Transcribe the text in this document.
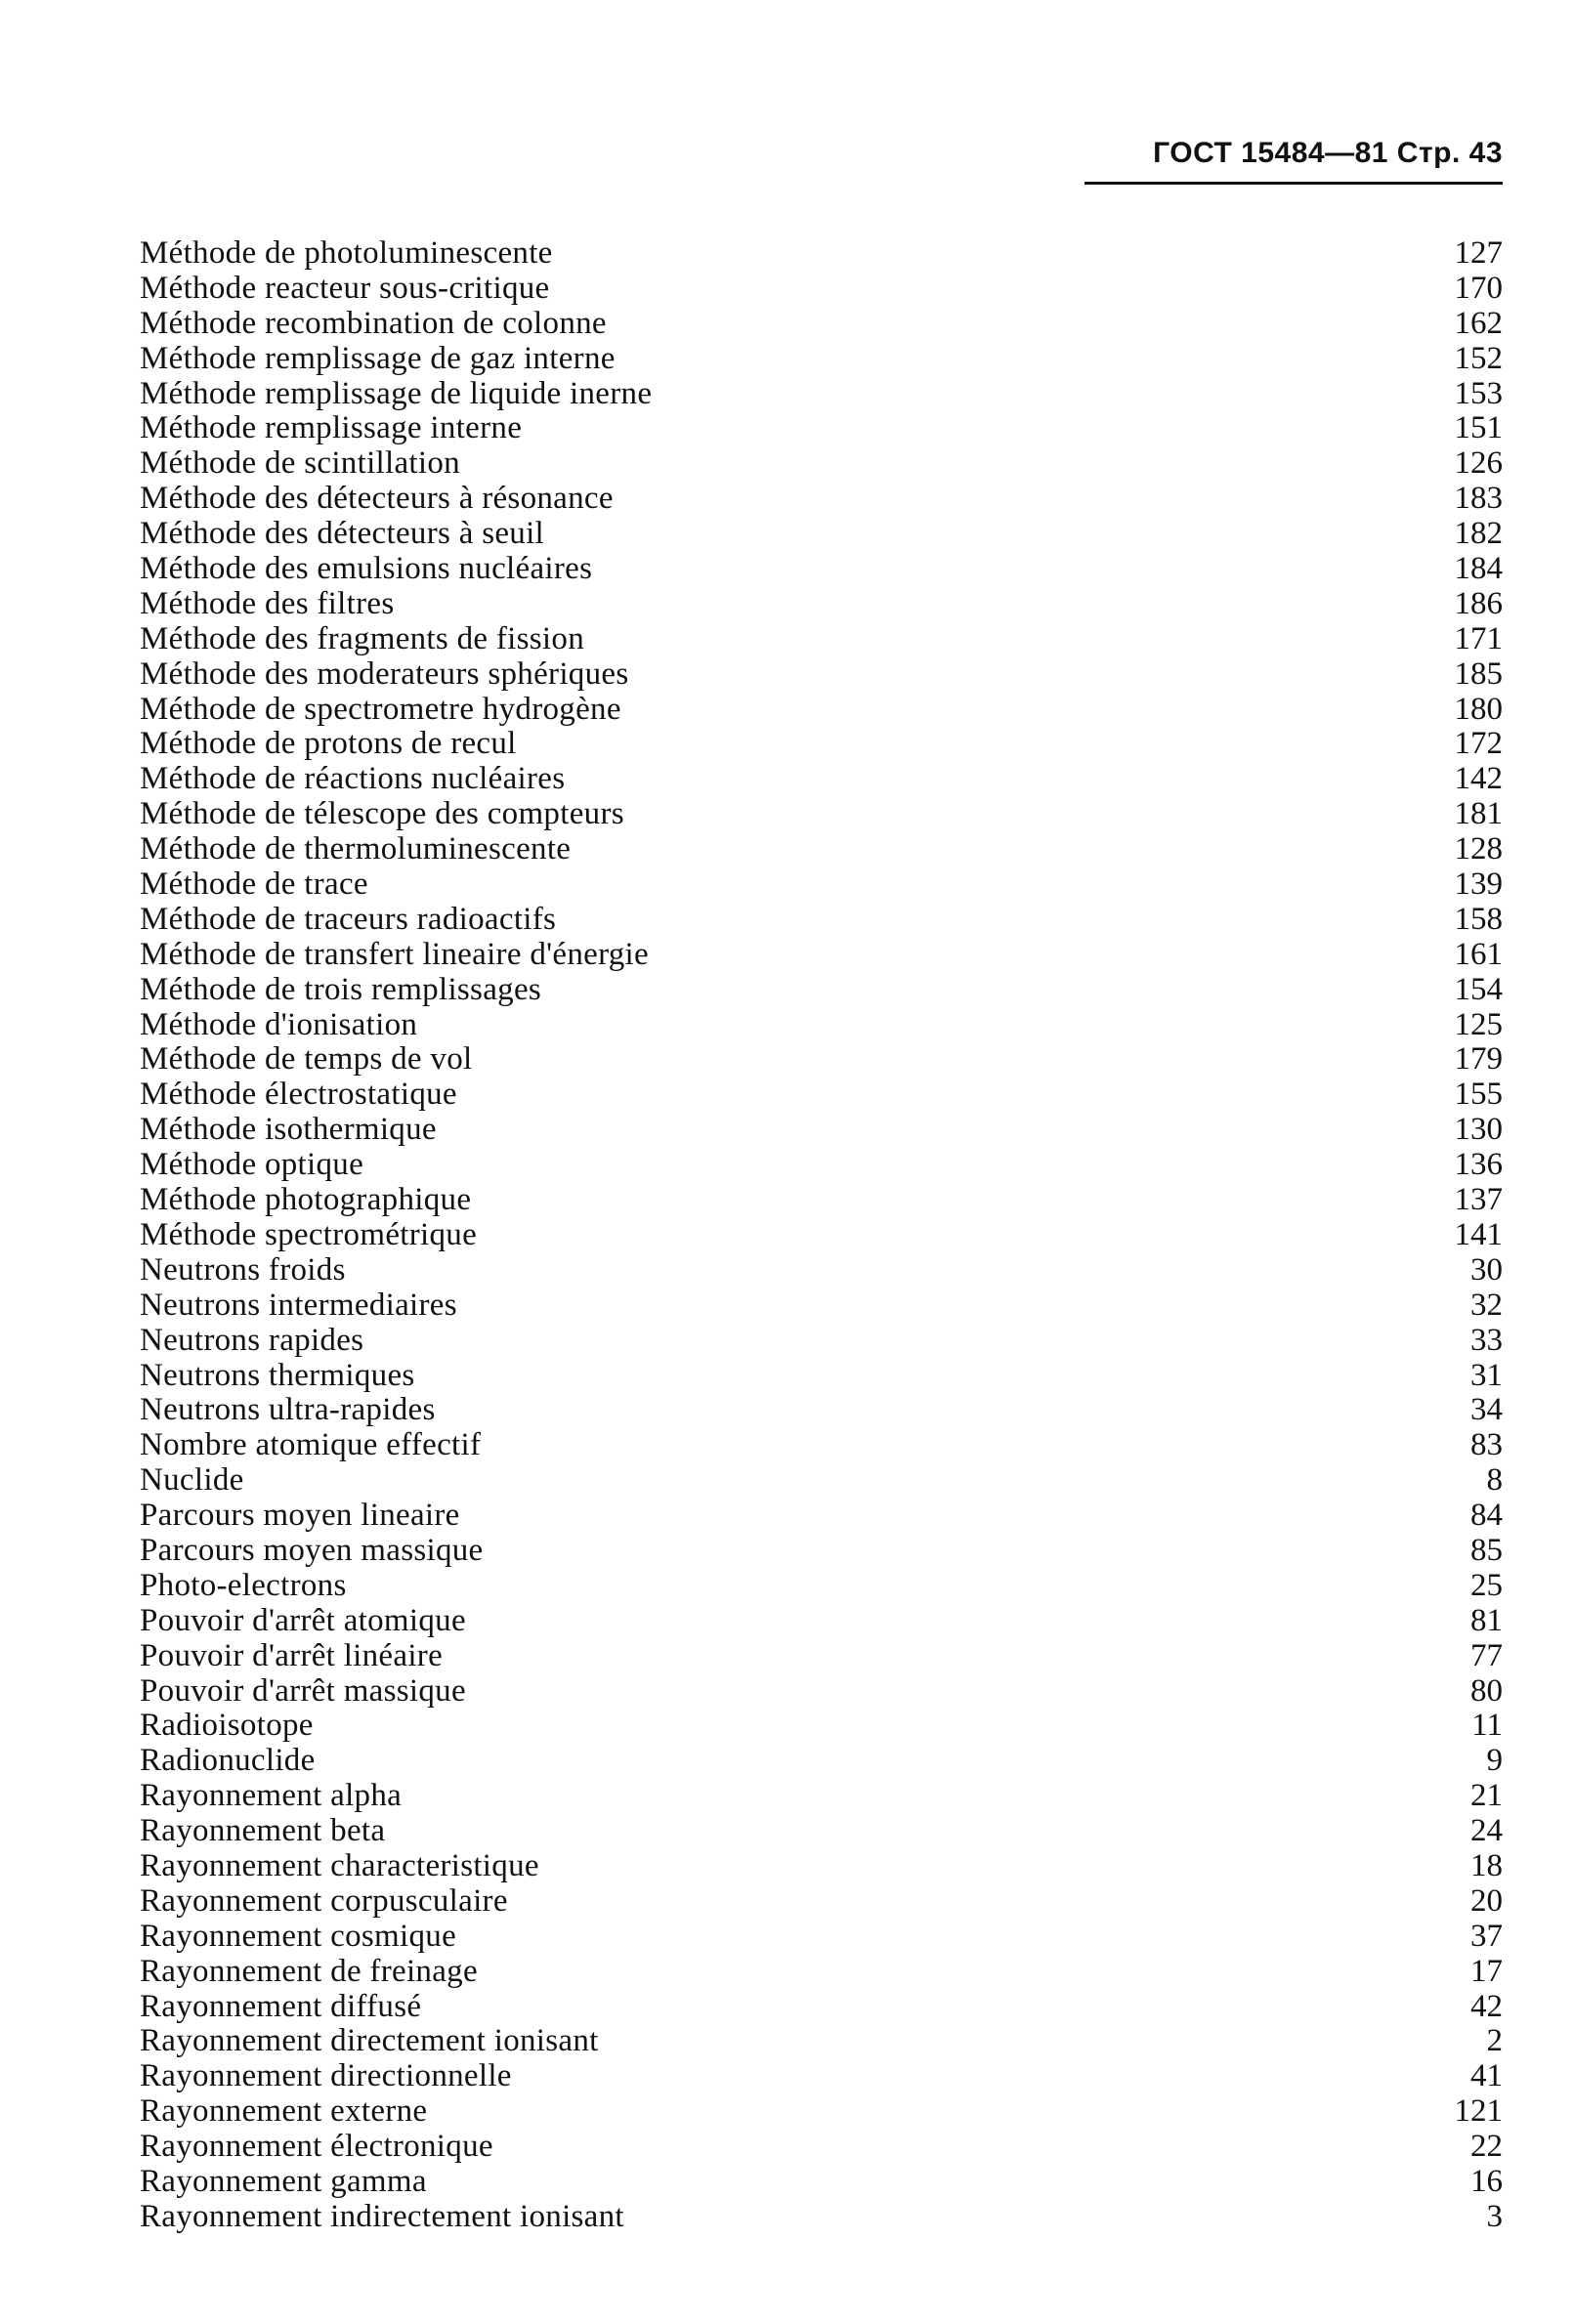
ГОСТ 15484—81 Стр. 43
Méthode de photoluminescente	127
Méthode reacteur sous-critique	170
Méthode recombination de colonne	162
Méthode remplissage de gaz interne	152
Méthode remplissage de liquide inerne	153
Méthode remplissage interne	151
Méthode de scintillation	126
Méthode des détecteurs à résonance	183
Méthode des détecteurs à seuil	182
Méthode des emulsions nucléaires	184
Méthode des filtres	186
Méthode des fragments de fission	171
Méthode des moderateurs sphériques	185
Méthode de spectrometre hydrogène	180
Méthode de protons de recul	172
Méthode de réactions nucléaires	142
Méthode de télescope des compteurs	181
Méthode de thermoluminescente	128
Méthode de trace	139
Méthode de traceurs radioactifs	158
Méthode de transfert lineaire d'énergie	161
Méthode de trois remplissages	154
Méthode d'ionisation	125
Méthode de temps de vol	179
Méthode électrostatique	155
Méthode isothermique	130
Méthode optique	136
Méthode photographique	137
Méthode spectrométrique	141
Neutrons froids	30
Neutrons intermediaires	32
Neutrons rapides	33
Neutrons thermiques	31
Neutrons ultra-rapides	34
Nombre atomique effectif	83
Nuclide	8
Parcours moyen lineaire	84
Parcours moyen massique	85
Photo-electrons	25
Pouvoir d'arrêt atomique	81
Pouvoir d'arrêt linéaire	77
Pouvoir d'arrêt massique	80
Radioisotope	11
Radionuclide	9
Rayonnement alpha	21
Rayonnement beta	24
Rayonnement characteristique	18
Rayonnement corpusculaire	20
Rayonnement cosmique	37
Rayonnement de freinage	17
Rayonnement diffusé	42
Rayonnement directement ionisant	2
Rayonnement directionnelle	41
Rayonnement externe	121
Rayonnement électronique	22
Rayonnement gamma	16
Rayonnement indirectement ionisant	3
